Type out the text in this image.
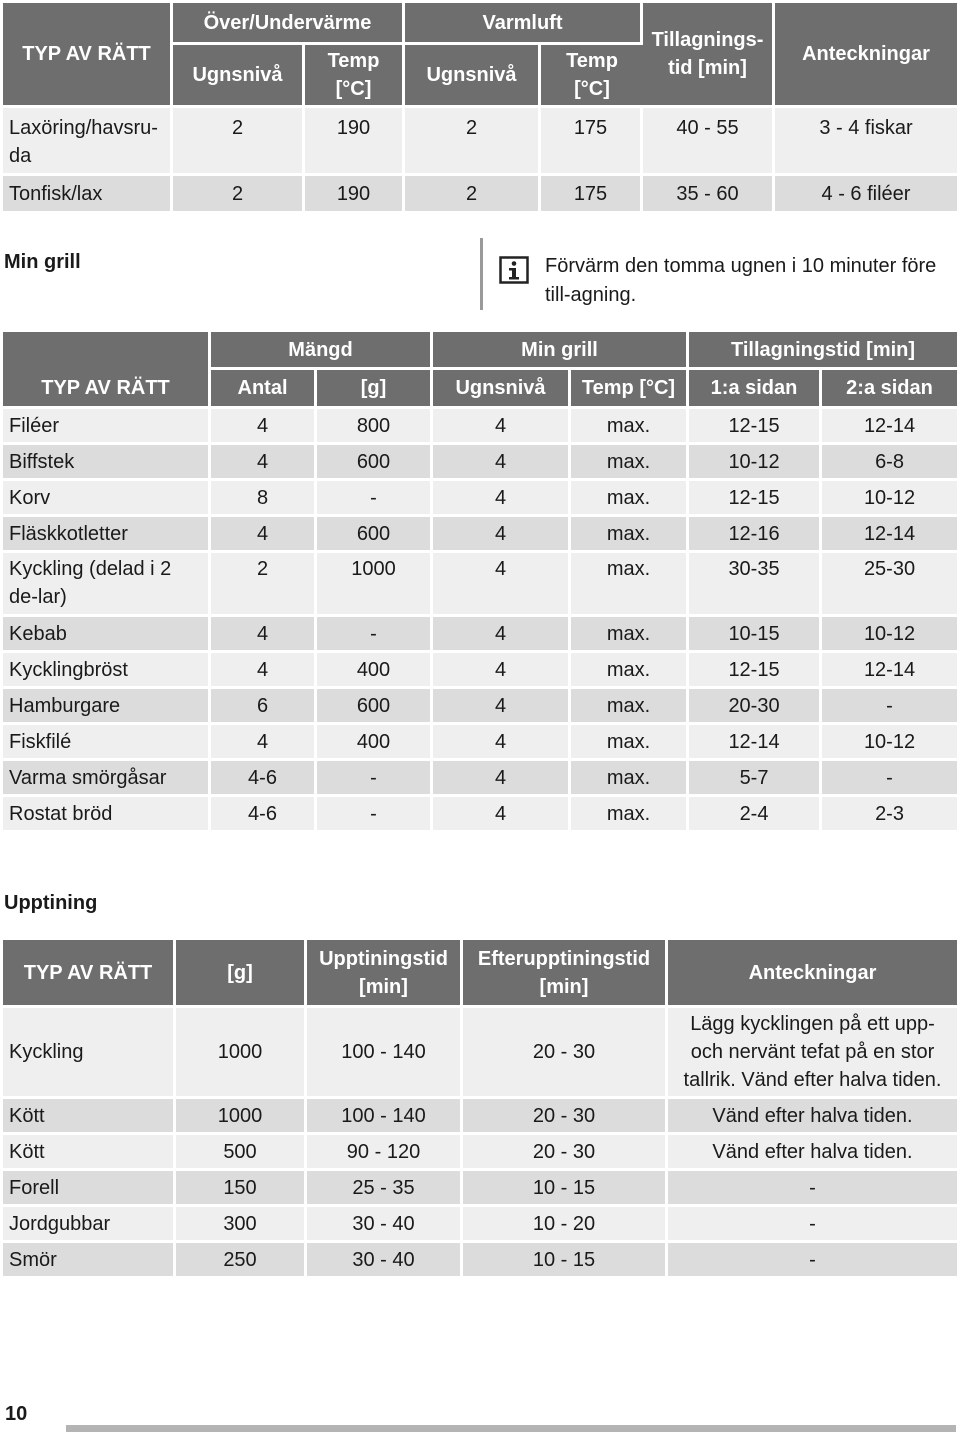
TYP AV RÄTT	Över/Undervärme		Varmluft		Tillagnings-tid [min]	Anteckningar
	Ugnsnivå	Temp [°C]	Ugnsnivå	Temp [°C]		
Laxöring/havsru-da	2	190	2	175	40 - 55	3 - 4 fiskar
Tonfisk/lax	2	190	2	175	35 - 60	4 - 6 filéer
Min grill	Förvärm den tomma ugnen i 10 minuter före till-agning.
	Mängd		Min grill		Tillagningstid [min]	
TYP AV RÄTT	Antal	[g]	Ugnsnivå	Temp [°C]	1:a sidan	2:a sidan
Filéer	4	800	4	max.	12-15	12-14
Biffstek	4	600	4	max.	10-12	6-8
Korv	8	-	4	max.	12-15	10-12
Fläskkotletter	4	600	4	max.	12-16	12-14
Kyckling (delad i 2 de-lar)	2	1000	4	max.	30-35	25-30
Kebab	4	-	4	max.	10-15	10-12
Kycklingbröst	4	400	4	max.	12-15	12-14
Hamburgare	6	600	4	max.	20-30	-
Fiskfilé	4	400	4	max.	12-14	10-12
Varma smörgåsar	4-6	-	4	max.	5-7	-
Rostat bröd	4-6	-	4	max.	2-4	2-3
Upptining
TYP AV RÄTT	[g]	Upptiningstid [min]	Efterupptiningstid [min]	Anteckningar
Kyckling	1000	100 - 140	20 - 30	Lägg kycklingen på ett upp- och nervänt tefat på en stor tallrik. Vänd efter halva tiden.
Kött	1000	100 - 140	20 - 30	Vänd efter halva tiden.
Kött	500	90 - 120	20 - 30	Vänd efter halva tiden.
Forell	150	25 - 35	10 - 15	-
Jordgubbar	300	30 - 40	10 - 20	-
Smör	250	30 - 40	10 - 15	-
10
